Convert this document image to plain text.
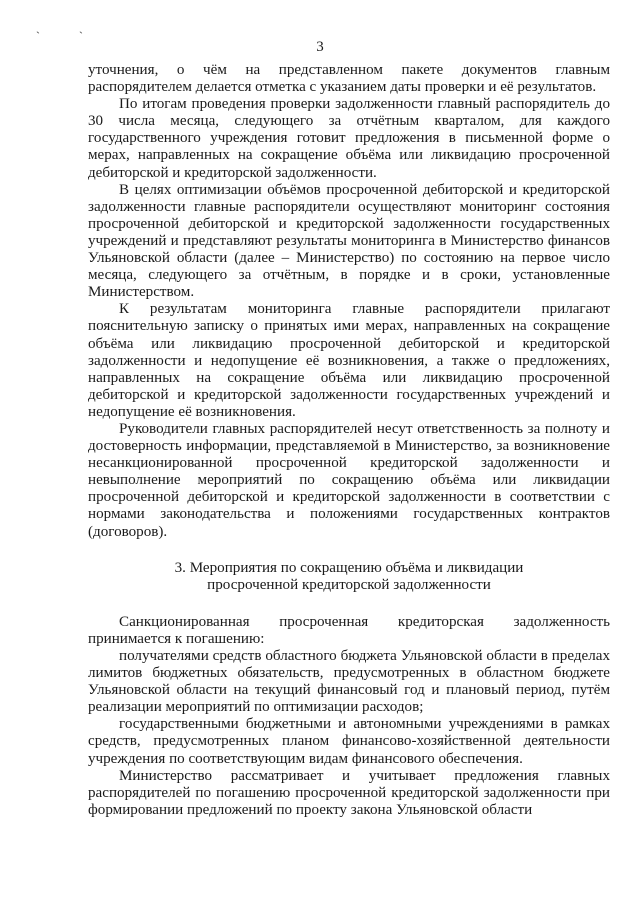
` `
3

уточнения, о чём на представленном пакете документов главным распорядителем делается отметка с указанием даты проверки и её результатов.

По итогам проведения проверки задолженности главный распорядитель до 30 числа месяца, следующего за отчётным кварталом, для каждого государственного учреждения готовит предложения в письменной форме о мерах, направленных на сокращение объёма или ликвидацию просроченной дебиторской и кредиторской задолженности.

В целях оптимизации объёмов просроченной дебиторской и кредиторской задолженности главные распорядители осуществляют мониторинг состояния просроченной дебиторской и кредиторской задолженности государственных учреждений и представляют результаты мониторинга в Министерство финансов Ульяновской области (далее – Министерство) по состоянию на первое число месяца, следующего за отчётным, в порядке и в сроки, установленные Министерством.

К результатам мониторинга главные распорядители прилагают пояснительную записку о принятых ими мерах, направленных на сокращение объёма или ликвидацию просроченной дебиторской и кредиторской задолженности и недопущение её возникновения, а также о предложениях, направленных на сокращение объёма или ликвидацию просроченной дебиторской и кредиторской задолженности государственных учреждений и недопущение её возникновения.

Руководители главных распорядителей несут ответственность за полноту и достоверность информации, представляемой в Министерство, за возникновение несанкционированной просроченной кредиторской задолженности и невыполнение мероприятий по сокращению объёма или ликвидации просроченной дебиторской и кредиторской задолженности в соответствии с нормами законодательства и положениями государственных контрактов (договоров).

3. Мероприятия по сокращению объёма и ликвидации
просроченной кредиторской задолженности

Санкционированная просроченная кредиторская задолженность принимается к погашению:

получателями средств областного бюджета Ульяновской области в пределах лимитов бюджетных обязательств, предусмотренных в областном бюджете Ульяновской области на текущий финансовый год и плановый период, путём реализации мероприятий по оптимизации расходов;

государственными бюджетными и автономными учреждениями в рамках средств, предусмотренных планом финансово-хозяйственной деятельности учреждения по соответствующим видам финансового обеспечения.

Министерство рассматривает и учитывает предложения главных распорядителей по погашению просроченной кредиторской задолженности при формировании предложений по проекту закона Ульяновской области
